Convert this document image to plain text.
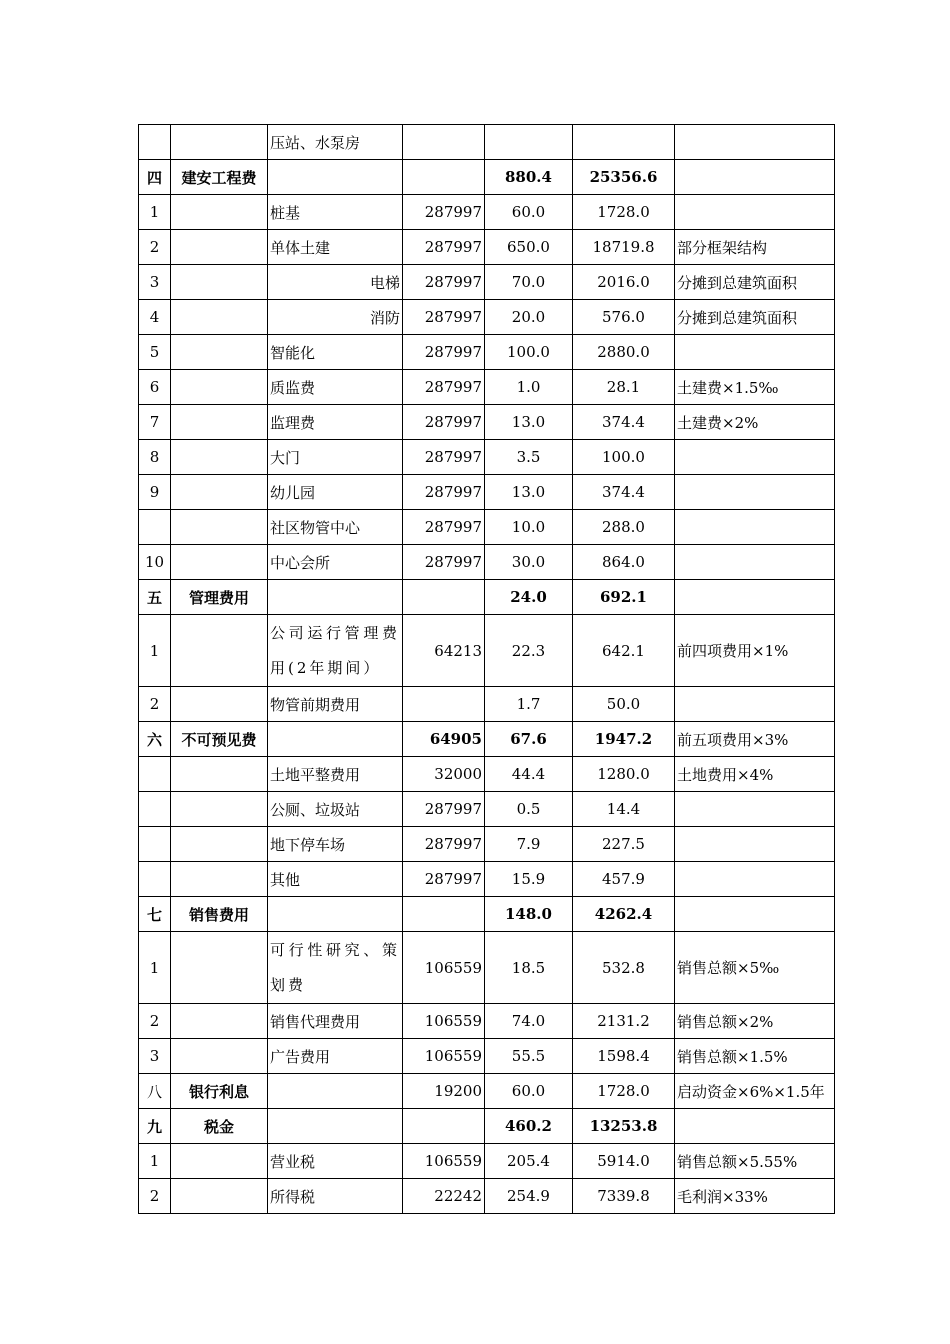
		压站、水泵房				
四	建安工程费			880.4	25356.6	
1		桩基	287997	60.0	1728.0	
2		单体土建	287997	650.0	18719.8	部分框架结构
3		电梯	287997	70.0	2016.0	分摊到总建筑面积
4		消防	287997	20.0	576.0	分摊到总建筑面积
5		智能化	287997	100.0	2880.0	
6		质监费	287997	1.0	28.1	土建费×1.5‰
7		监理费	287997	13.0	374.4	土建费×2%
8		大门	287997	3.5	100.0	
9		幼儿园	287997	13.0	374.4	
		社区物管中心	287997	10.0	288.0	
10		中心会所	287997	30.0	864.0	
五	管理费用			24.0	692.1	
1		公司运行管理费用(2年期间）	64213	22.3	642.1	前四项费用×1%
2		物管前期费用		1.7	50.0	
六	不可预见费		64905	67.6	1947.2	前五项费用×3%
		土地平整费用	32000	44.4	1280.0	土地费用×4%
		公厕、垃圾站	287997	0.5	14.4	
		地下停车场	287997	7.9	227.5	
		其他	287997	15.9	457.9	
七	销售费用			148.0	4262.4	
1		可行性研究、策划费	106559	18.5	532.8	销售总额×5‰
2		销售代理费用	106559	74.0	2131.2	销售总额×2%
3		广告费用	106559	55.5	1598.4	销售总额×1.5%
八	银行利息		19200	60.0	1728.0	启动资金×6%×1.5年
九	税金			460.2	13253.8	
1		营业税	106559	205.4	5914.0	销售总额×5.55%
2		所得税	22242	254.9	7339.8	毛利润×33%
